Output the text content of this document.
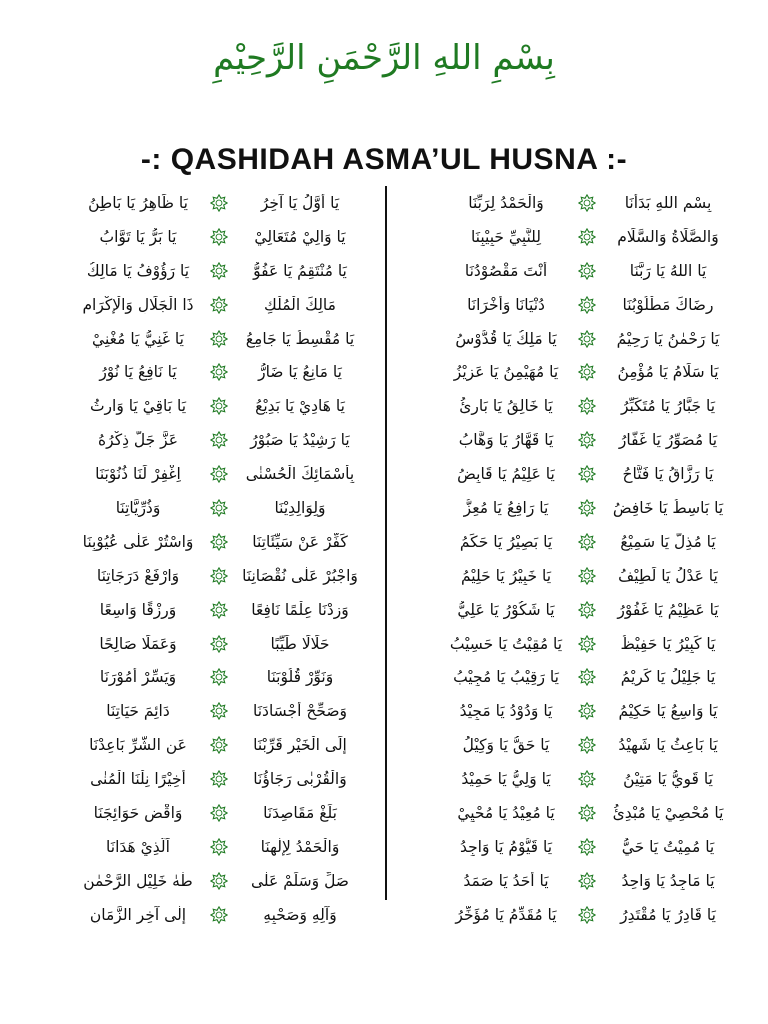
بِسْمِ اللهِ الرَّحْمَنِ الرَّحِيْمِ
-: QASHIDAH ASMA’UL HUSNA :-
بِسْمِ اللهِ بَدَأْنَا
وَالْحَمْدُ لِرَبِّنَا
وَالصَّلَاةُ وَالسَّلَام
لِلنَّبِيِّ حَبِيْبِنَا
يَا اللهُ يَا رَبَّنَا
أَنْتَ مَقْصُوْدُنَا
رِضَاكَ مَطْلُوْبُنَا
دُنْيَانَا وَأُخْرَانَا
يَا رَحْمٰنُ يَا رَحِيْمُ
يَا مَلِكُ يَا قُدُّوْسُ
يَا سَلَامُ يَا مُؤْمِنُ
يَا مُهَيْمِنُ يَا عَزِيْزُ
يَا جَبَّارُ يَا مُتَكَبِّرُ
يَا خَالِقُ يَا بَارِئُ
يَا مُصَوِّرُ يَا غَفَّارُ
يَا قَهَّارُ يَا وَهَّابُ
يَا رَزَّاقُ يَا فَتَّاحُ
يَا عَلِيْمُ يَا قَابِضُ
يَا بَاسِطُ يَا خَافِضُ
يَا رَافِعُ يَا مُعِزُّ
يَا مُذِلُّ يَا سَمِيْعُ
يَا بَصِيْرُ يَا حَكَمُ
يَا عَدْلُ يَا لَطِيْفُ
يَا خَبِيْرُ يَا حَلِيْمُ
يَا عَظِيْمُ يَا غَفُوْرُ
يَا شَكُوْرُ يَا عَلِيُّ
يَا كَبِيْرُ يَا حَفِيْظُ
يَا مُقِيْتُ يَا حَسِيْبُ
يَا جَلِيْلُ يَا كَرِيْمُ
يَا رَقِيْبُ يَا مُجِيْبُ
يَا وَاسِعُ يَا حَكِيْمُ
يَا وَدُوْدُ يَا مَجِيْدُ
يَا بَاعِثُ يَا شَهِيْدُ
يَا حَقُّ يَا وَكِيْلُ
يَا قَوِيُّ يَا مَتِيْنُ
يَا وَلِيُّ يَا حَمِيْدُ
يَا مُحْصِيْ يَا مُبْدِئُ
يَا مُعِيْدُ يَا مُحْيِيْ
يَا مُمِيْتُ يَا حَيُّ
يَا قَيُّوْمُ يَا وَاجِدُ
يَا مَاجِدُ يَا وَاحِدُ
يَا أَحَدُ يَا صَمَدُ
يَا قَادِرُ يَا مُقْتَدِرُ
يَا مُقَدِّمُ يَا مُؤَخِّرُ
يَا أَوَّلُ يَا آخِرُ
يَا ظَاهِرُ يَا بَاطِنُ
يَا وَالِيْ مُتَعَالِيْ
يَا بَرُّ يَا تَوَّابُ
يَا مُنْتَقِمُ يَا عَفُوُّ
يَا رَؤُوْفُ يَا مَالِكُ
مَالِكَ الْمُلْكِ
ذَا الْجَلَالِ وَالْإِكْرَام
يَا مُقْسِطُ يَا جَامِعُ
يَا غَنِيُّ يَا مُغْنِيْ
يَا مَانِعُ يَا ضَارُّ
يَا نَافِعُ يَا نُوْرُ
يَا هَادِيْ يَا بَدِيْعُ
يَا بَاقِيْ يَا وَارِثُ
يَا رَشِيْدُ يَا صَبُوْرُ
عَزَّ جَلَّ ذِكْرُهُ
بِأَسْمَائِكَ الْحُسْنٰى
اِغْفِرْ لَنَا ذُنُوْبَنَا
وَلِوَالِدِيْنَا
وَذُرِّيَّاتِنَا
كَفِّرْ عَنْ سَيِّئَاتِنَا
وَاسْتُرْ عَلٰى عُيُوْبِنَا
وَاجْبُرْ عَلٰى نُقْصَانِنَا
وَارْفَعْ دَرَجَاتِنَا
وَزِدْنَا عِلْمًا نَافِعًا
وَرِزْقًا وَاسِعًا
حَلَالًا طَيِّبًا
وَعَمَلًا صَالِحًا
وَنَوِّرْ قُلُوْبَنَا
وَيَسِّرْ أُمُوْرَنَا
وَصَحِّحْ أَجْسَادَنَا
دَائِمَ حَيَاتِنَا
إِلَى الْخَيْرِ قَرِّبْنَا
عَنِ الشَّرِّ بَاعِدْنَا
وَالْقُرْبٰى رَجَاؤُنَا
أَخِيْرًا نِلْنَا الْمُنٰى
بَلِّغْ مَقَاصِدَنَا
وَاقْضِ حَوَائِجَنَا
وَالْحَمْدُ لِإِلٰهِنَا
اَلَّذِيْ هَدَانَا
صَلِّ وَسَلِّمْ عَلٰى
طٰهٰ خَلِيْلِ الرَّحْمٰنِ
وَآلِهِ وَصَحْبِهِ
إِلٰى آخِرِ الزَّمَانِ
